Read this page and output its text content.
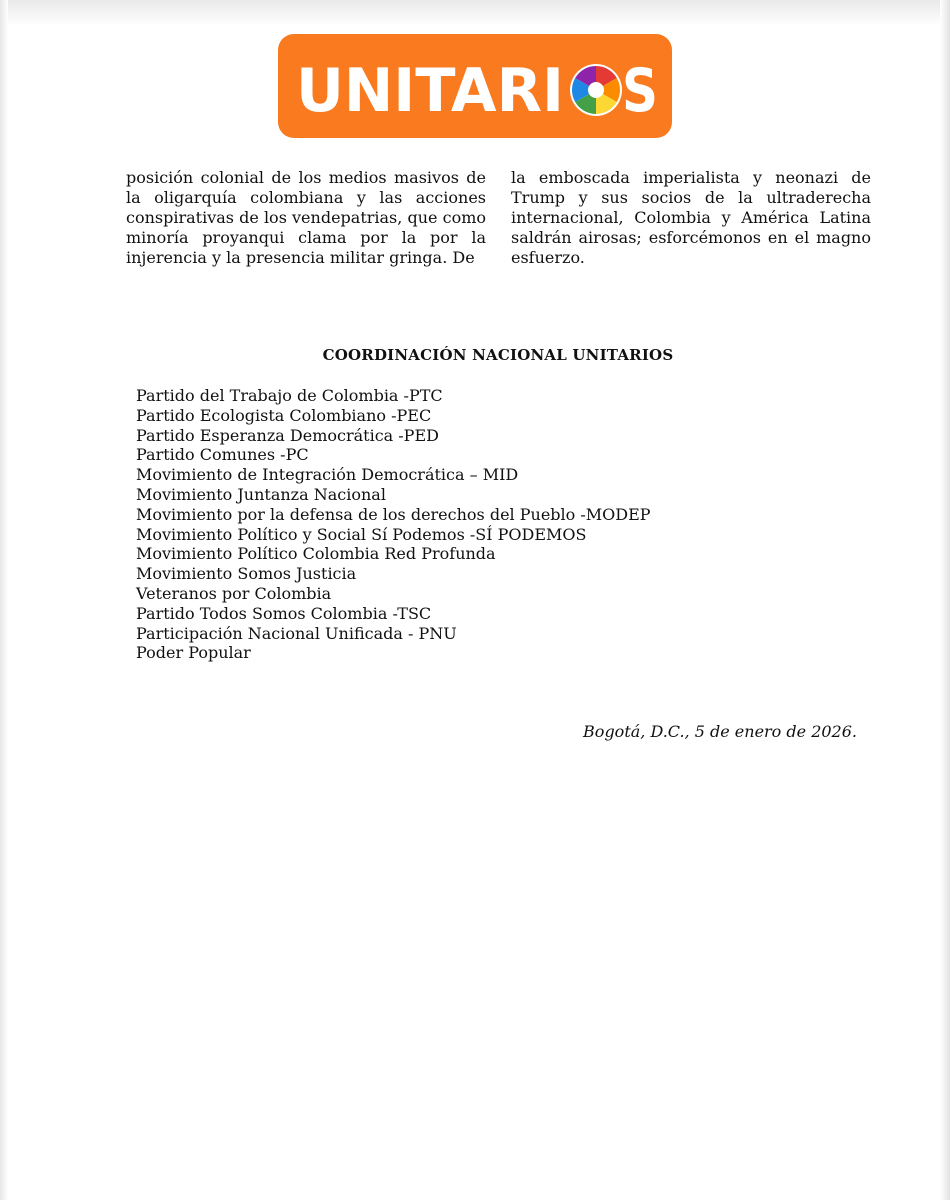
UNITARI S
posición colonial de los medios masivos de la oligarquía colombiana y las acciones conspirativas de los vendepatrias, que como minoría proyanqui clama por la por la injerencia y la presencia militar gringa. De
la emboscada imperialista y neonazi de Trump y sus socios de la ultraderecha internacional, Colombia y América Latina saldrán airosas; esforcémonos en el magno esfuerzo.
COORDINACIÓN NACIONAL UNITARIOS
Partido del Trabajo de Colombia -PTC
Partido Ecologista Colombiano -PEC
Partido Esperanza Democrática -PED
Partido Comunes -PC
Movimiento de Integración Democrática – MID
Movimiento Juntanza Nacional
Movimiento por la defensa de los derechos del Pueblo -MODEP
Movimiento Político y Social Sí Podemos -SÍ PODEMOS
Movimiento Político Colombia Red Profunda
Movimiento Somos Justicia
Veteranos por Colombia
Partido Todos Somos Colombia -TSC
Participación Nacional Unificada - PNU
Poder Popular
Bogotá, D.C., 5 de enero de 2026.
